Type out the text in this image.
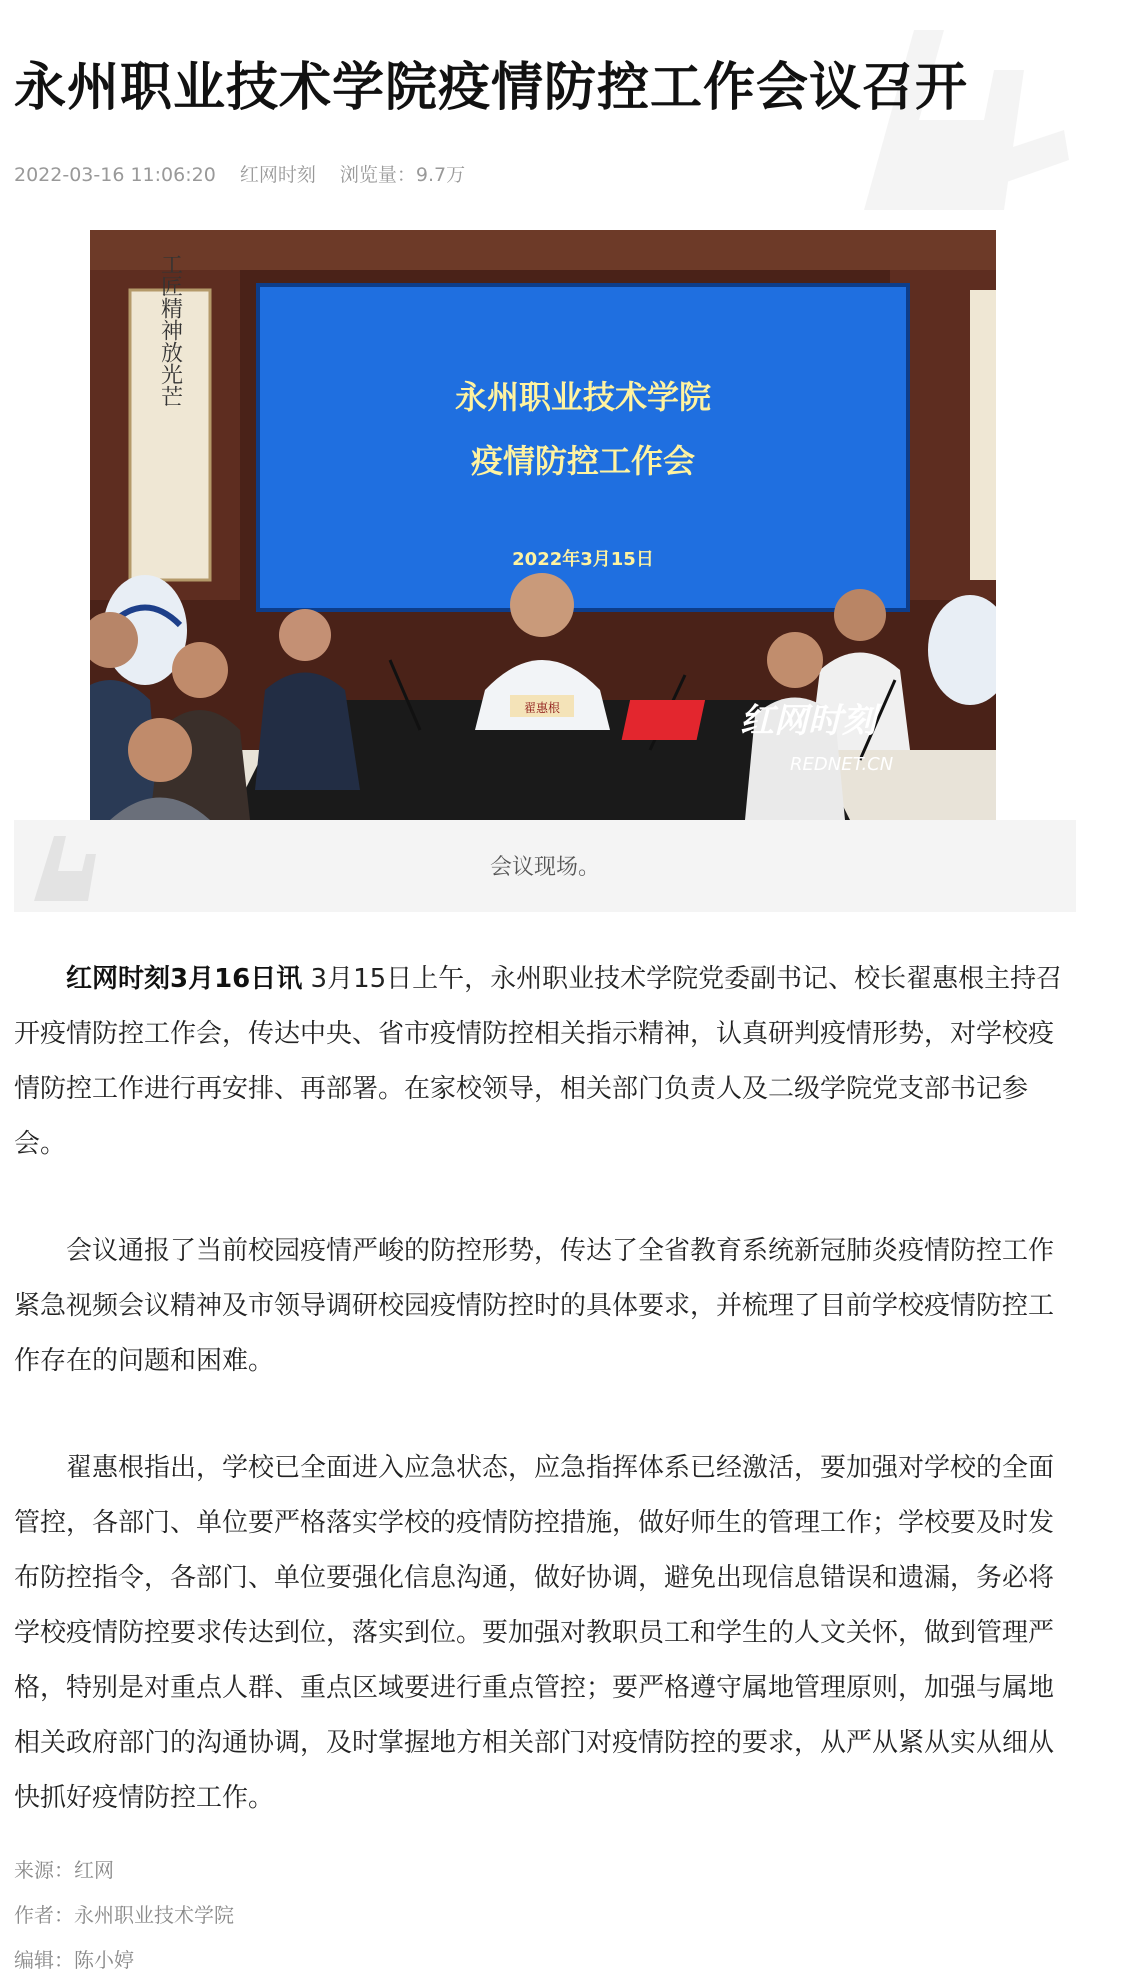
永州职业技术学院疫情防控工作会议召开
2022-03-16 11:06:20 红网时刻 浏览量：9.7万
工匠精神放光芒	永州职业技术学院
疫情防控工作会
2022年3月15日
翟惠根	红网时刻
REDNET.CN
会议现场。

红网时刻3月16日讯 3月15日上午，永州职业技术学院党委副书记、校长翟惠根主持召开疫情防控工作会，传达中央、省市疫情防控相关指示精神，认真研判疫情形势，对学校疫情防控工作进行再安排、再部署。在家校领导，相关部门负责人及二级学院党支部书记参会。

会议通报了当前校园疫情严峻的防控形势，传达了全省教育系统新冠肺炎疫情防控工作紧急视频会议精神及市领导调研校园疫情防控时的具体要求，并梳理了目前学校疫情防控工作存在的问题和困难。

翟惠根指出，学校已全面进入应急状态，应急指挥体系已经激活，要加强对学校的全面管控，各部门、单位要严格落实学校的疫情防控措施，做好师生的管理工作；学校要及时发布防控指令，各部门、单位要强化信息沟通，做好协调，避免出现信息错误和遗漏，务必将学校疫情防控要求传达到位，落实到位。要加强对教职员工和学生的人文关怀，做到管理严格，特别是对重点人群、重点区域要进行重点管控；要严格遵守属地管理原则，加强与属地相关政府部门的沟通协调，及时掌握地方相关部门对疫情防控的要求，从严从紧从实从细从快抓好疫情防控工作。

来源：红网
作者：永州职业技术学院
编辑：陈小婷
